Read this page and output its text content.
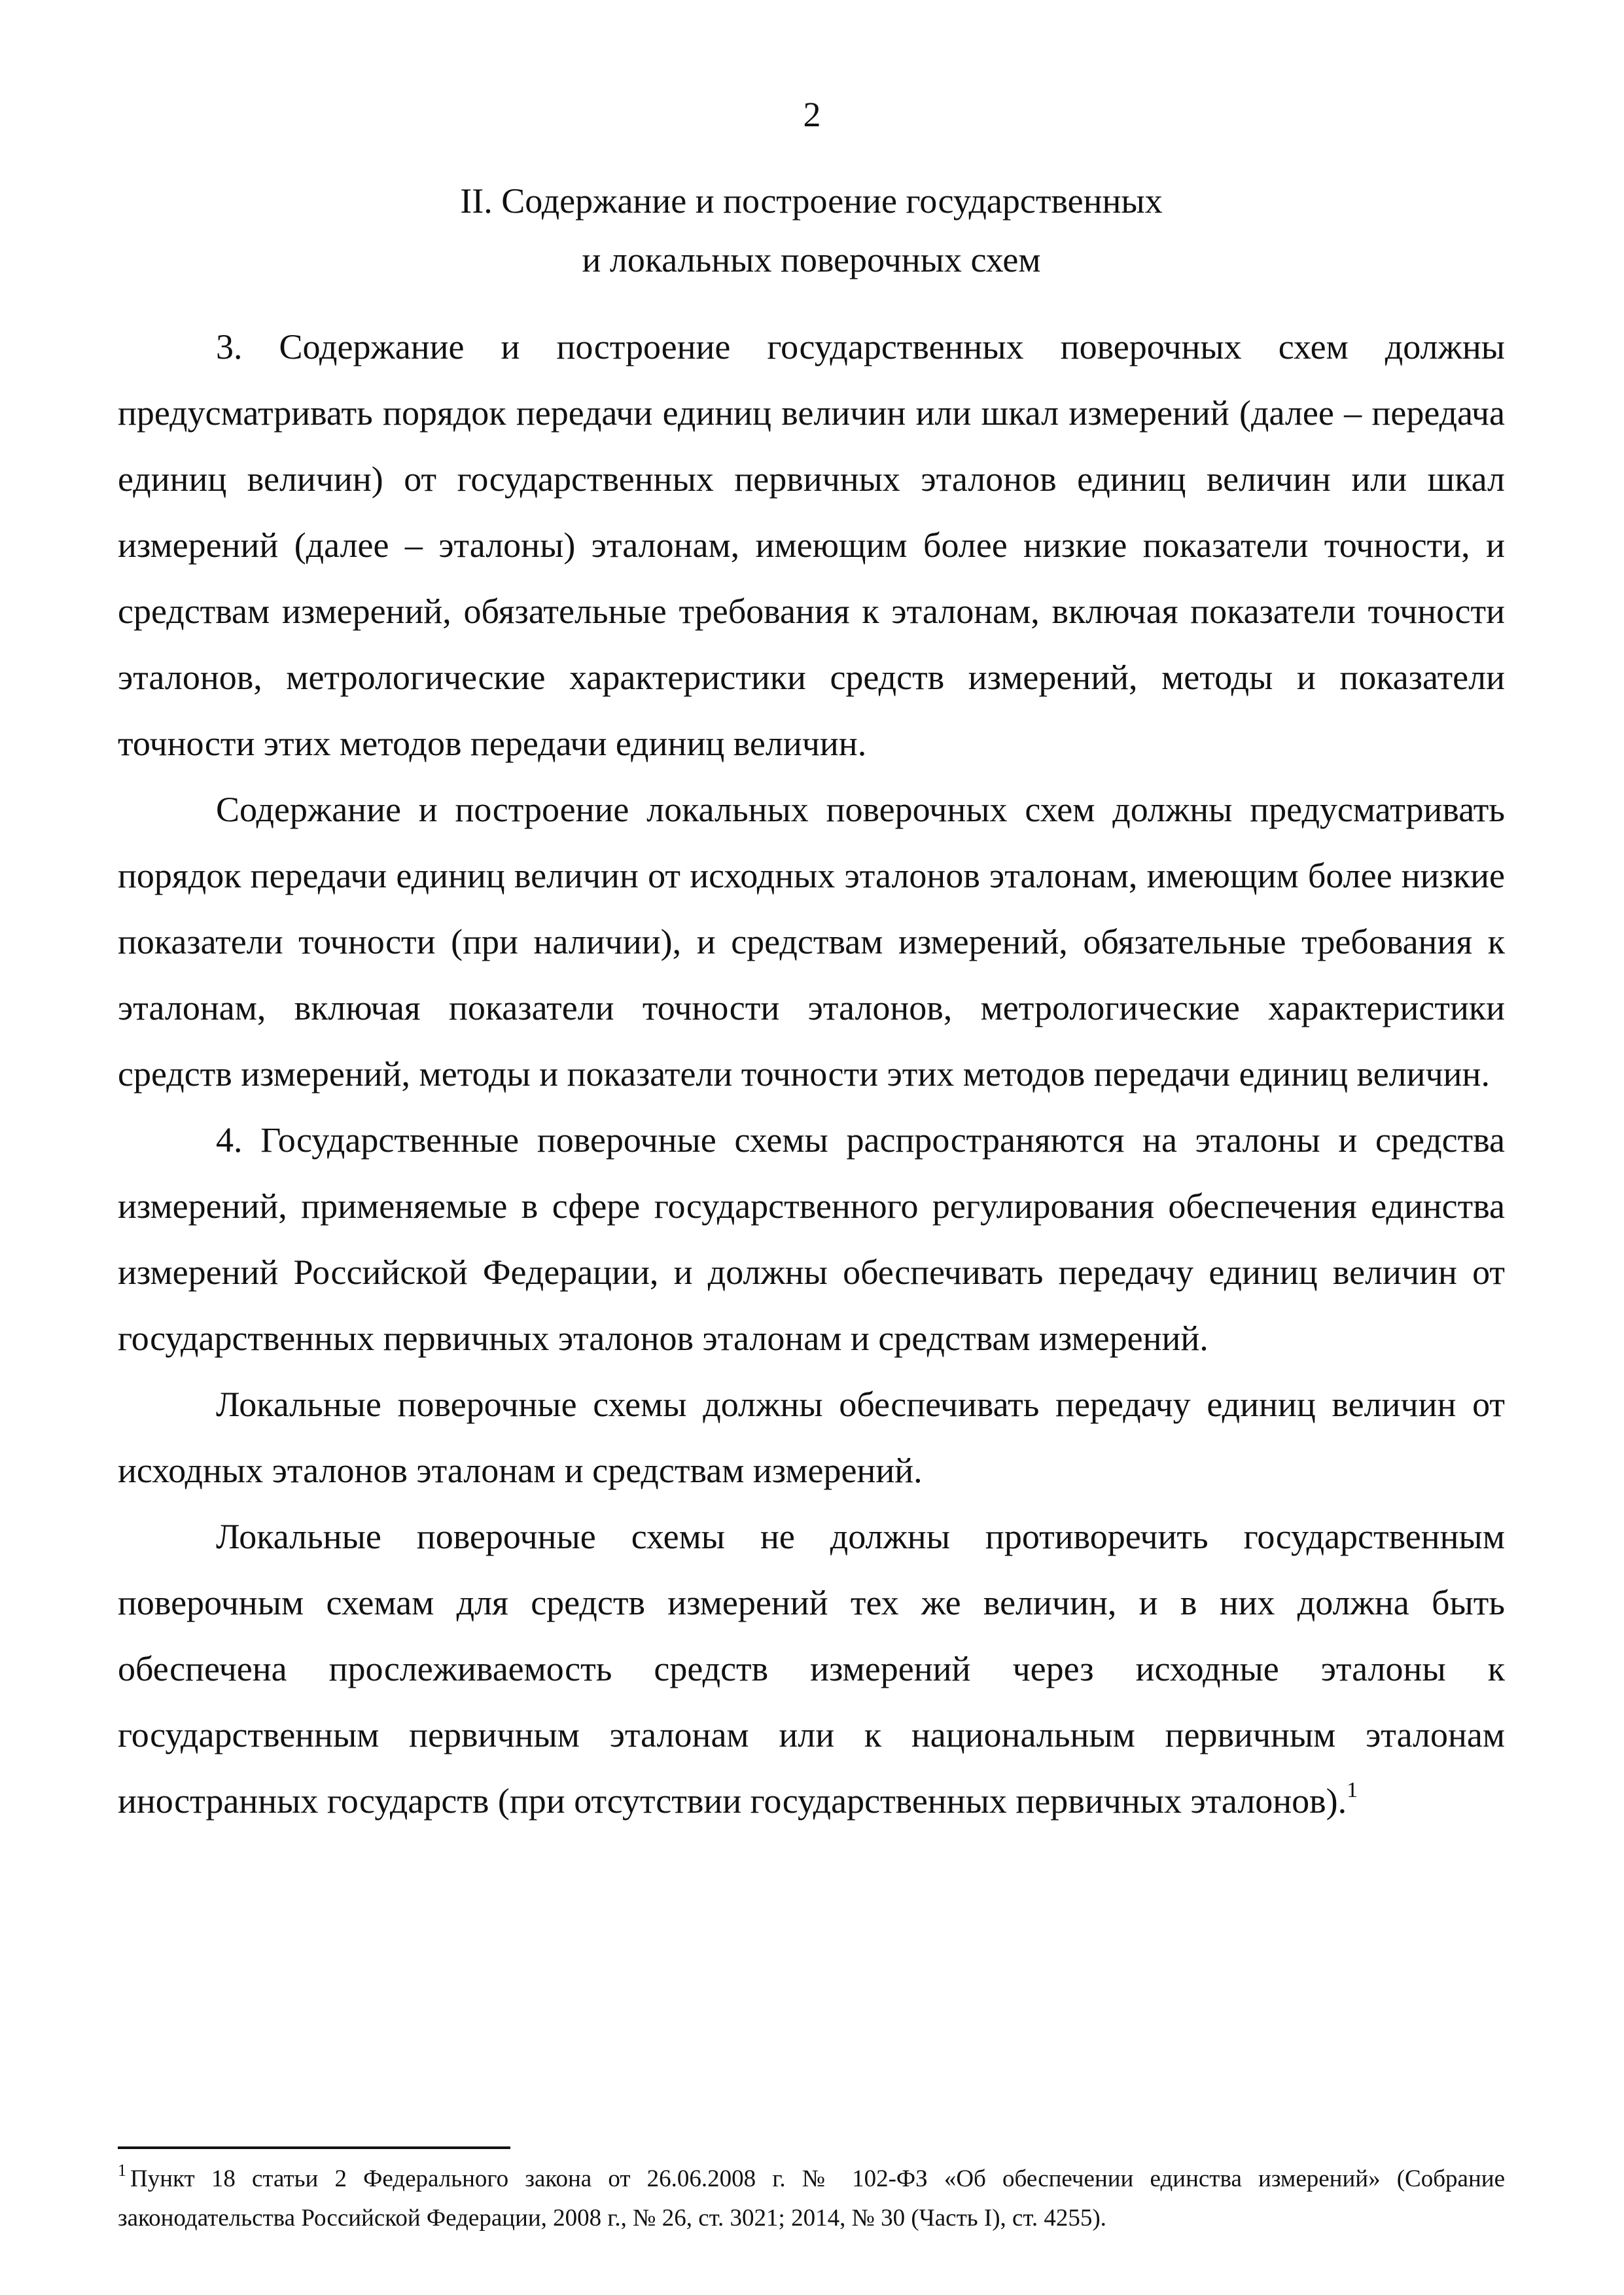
2
II. Содержание и построение государственных
и локальных поверочных схем

3. Содержание и построение государственных поверочных схем должны предусматривать порядок передачи единиц величин или шкал измерений (далее – передача единиц величин) от государственных первичных эталонов единиц величин или шкал измерений (далее – эталоны) эталонам, имеющим более низкие показатели точности, и средствам измерений, обязательные требования к эталонам, включая показатели точности эталонов, метрологические характеристики средств измерений, методы и показатели точности этих методов передачи единиц величин.

Содержание и построение локальных поверочных схем должны предусматривать порядок передачи единиц величин от исходных эталонов эталонам, имеющим более низкие показатели точности (при наличии), и средствам измерений, обязательные требования к эталонам, включая показатели точности эталонов, метрологические характеристики средств измерений, методы и показатели точности этих методов передачи единиц величин.

4. Государственные поверочные схемы распространяются на эталоны и средства измерений, применяемые в сфере государственного регулирования обеспечения единства измерений Российской Федерации, и должны обеспечивать передачу единиц величин от государственных первичных эталонов эталонам и средствам измерений.

Локальные поверочные схемы должны обеспечивать передачу единиц величин от исходных эталонов эталонам и средствам измерений.

Локальные поверочные схемы не должны противоречить государственным поверочным схемам для средств измерений тех же величин, и в них должна быть обеспечена прослеживаемость средств измерений через исходные эталоны к государственным первичным эталонам или к национальным первичным эталонам иностранных государств (при отсутствии государственных первичных эталонов).$^1$

$^1$ Пункт 18 статьи 2 Федерального закона от 26.06.2008 г. № 102-ФЗ «Об обеспечении единства измерений» (Собрание законодательства Российской Федерации, 2008 г., № 26, ст. 3021; 2014, № 30 (Часть I), ст. 4255).
